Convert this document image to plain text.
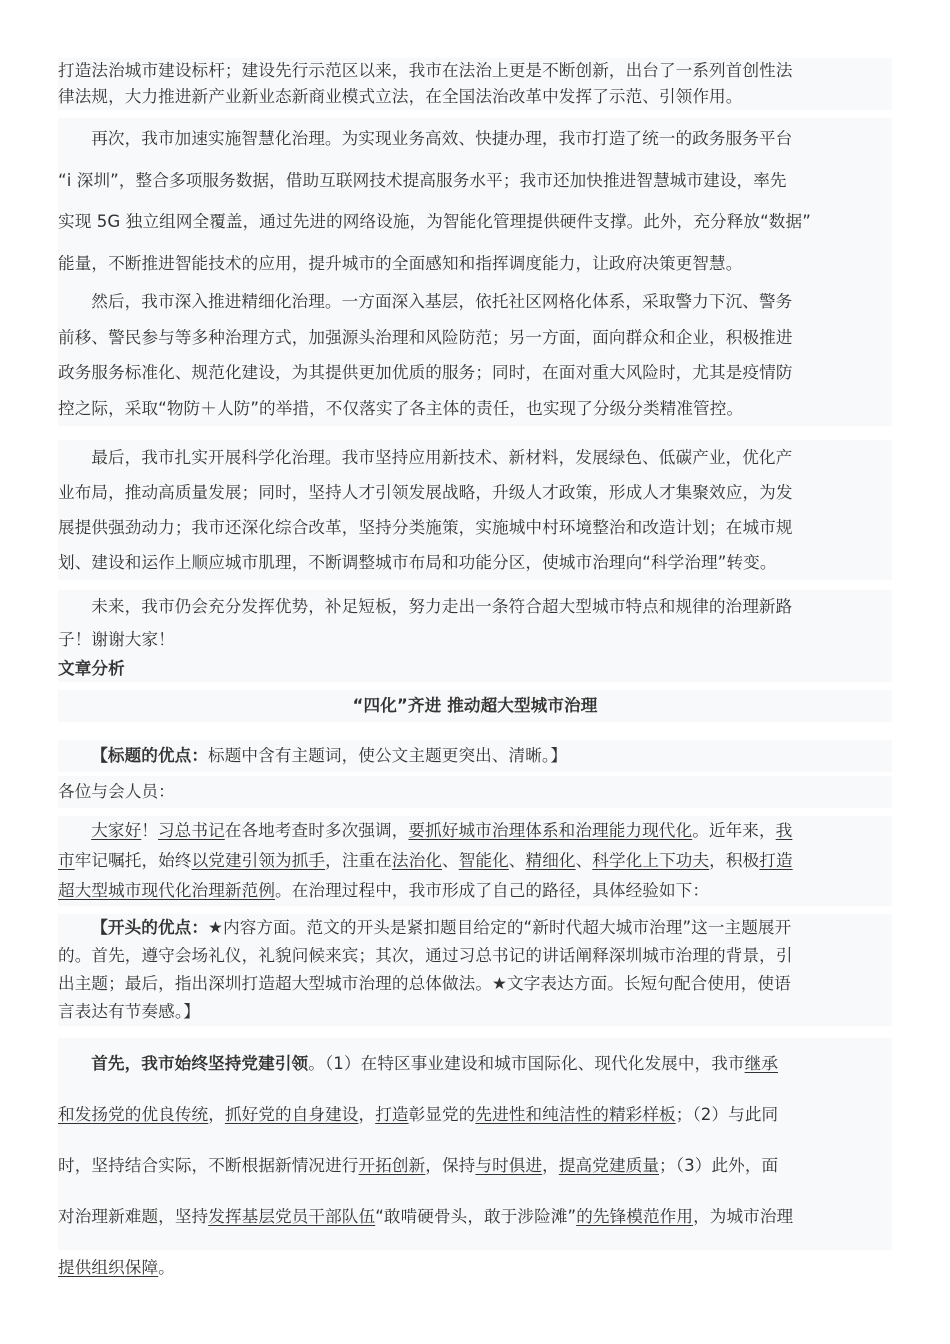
打造法治城市建设标杆；建设先行示范区以来，我市在法治上更是不断创新，出台了一系列首创性法

律法规，大力推进新产业新业态新商业模式立法，在全国法治改革中发挥了示范、引领作用。

再次，我市加速实施智慧化治理。为实现业务高效、快捷办理，我市打造了统一的政务服务平台

“i 深圳”，整合多项服务数据，借助互联网技术提高服务水平；我市还加快推进智慧城市建设，率先

实现 5G 独立组网全覆盖，通过先进的网络设施，为智能化管理提供硬件支撑。此外，充分释放“数据”

能量，不断推进智能技术的应用，提升城市的全面感知和指挥调度能力，让政府决策更智慧。

然后，我市深入推进精细化治理。一方面深入基层，依托社区网格化体系，采取警力下沉、警务

前移、警民参与等多种治理方式，加强源头治理和风险防范；另一方面，面向群众和企业，积极推进

政务服务标准化、规范化建设，为其提供更加优质的服务；同时，在面对重大风险时，尤其是疫情防

控之际，采取“物防＋人防”的举措，不仅落实了各主体的责任，也实现了分级分类精准管控。

最后，我市扎实开展科学化治理。我市坚持应用新技术、新材料，发展绿色、低碳产业，优化产

业布局，推动高质量发展；同时，坚持人才引领发展战略，升级人才政策，形成人才集聚效应，为发

展提供强劲动力；我市还深化综合改革，坚持分类施策，实施城中村环境整治和改造计划；在城市规

划、建设和运作上顺应城市肌理，不断调整城市布局和功能分区，使城市治理向“科学治理”转变。

未来，我市仍会充分发挥优势，补足短板，努力走出一条符合超大型城市特点和规律的治理新路

子！谢谢大家！

文章分析

“四化”齐进 推动超大型城市治理

【标题的优点：标题中含有主题词，使公文主题更突出、清晰。】

各位与会人员：

大家好！习总书记在各地考查时多次强调，要抓好城市治理体系和治理能力现代化。近年来，我

市牢记嘱托，始终以党建引领为抓手，注重在法治化、智能化、精细化、科学化上下功夫，积极打造

超大型城市现代化治理新范例。在治理过程中，我市形成了自己的路径，具体经验如下：

【开头的优点：★内容方面。范文的开头是紧扣题目给定的“新时代超大城市治理”这一主题展开

的。首先，遵守会场礼仪，礼貌问候来宾；其次，通过习总书记的讲话阐释深圳城市治理的背景，引

出主题；最后，指出深圳打造超大型城市治理的总体做法。★文字表达方面。长短句配合使用，使语

言表达有节奏感。】

首先，我市始终坚持党建引领。（1）在特区事业建设和城市国际化、现代化发展中，我市继承

和发扬党的优良传统，抓好党的自身建设，打造彰显党的先进性和纯洁性的精彩样板；（2）与此同

时，坚持结合实际，不断根据新情况进行开拓创新，保持与时俱进，提高党建质量；（3）此外，面

对治理新难题，坚持发挥基层党员干部队伍“敢啃硬骨头，敢于涉险滩”的先锋模范作用，为城市治理

提供组织保障。
